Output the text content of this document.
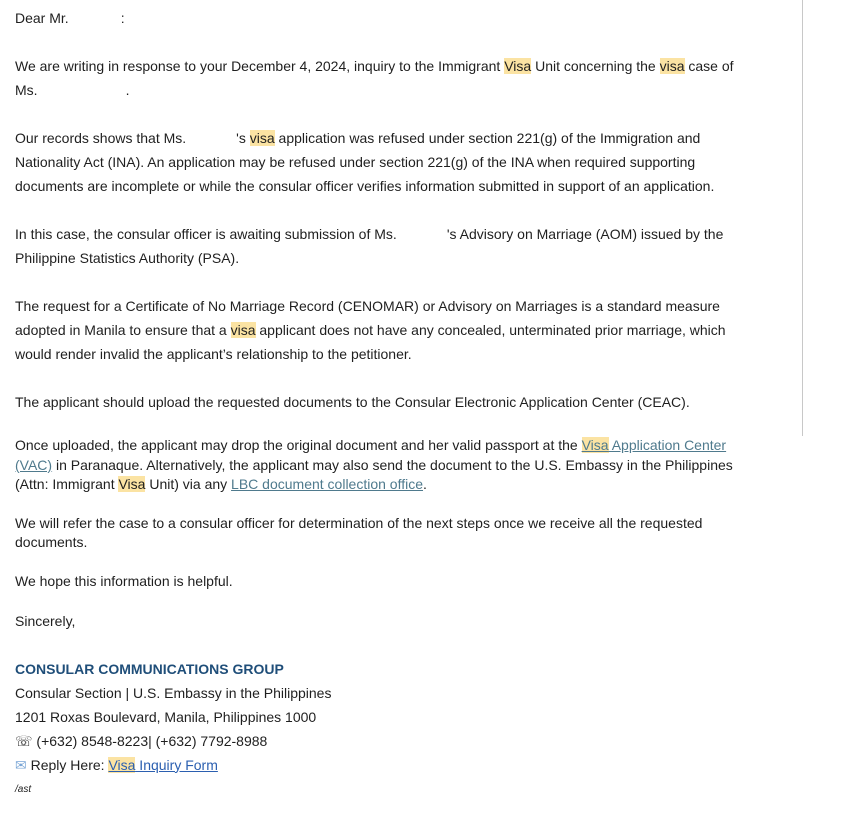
Dear Mr.	:

We are writing in response to your December 4, 2024, inquiry to the Immigrant Visa Unit concerning the visa case of
Ms.	.

Our records shows that Ms.	's visa application was refused under section 221(g) of the Immigration and
Nationality Act (INA). An application may be refused under section 221(g) of the INA when required supporting
documents are incomplete or while the consular officer verifies information submitted in support of an application.

In this case, the consular officer is awaiting submission of Ms.	's Advisory on Marriage (AOM) issued by the
Philippine Statistics Authority (PSA).

The request for a Certificate of No Marriage Record (CENOMAR) or Advisory on Marriages is a standard measure
adopted in Manila to ensure that a visa applicant does not have any concealed, unterminated prior marriage, which
would render invalid the applicant’s relationship to the petitioner.

The applicant should upload the requested documents to the Consular Electronic Application Center (CEAC).

Once uploaded, the applicant may drop the original document and her valid passport at the Visa Application Center
(VAC) in Paranaque. Alternatively, the applicant may also send the document to the U.S. Embassy in the Philippines
(Attn: Immigrant Visa Unit) via any LBC document collection office.

We will refer the case to a consular officer for determination of the next steps once we receive all the requested
documents.

We hope this information is helpful.

Sincerely,

CONSULAR COMMUNICATIONS GROUP

Consular Section | U.S. Embassy in the Philippines

1201 Roxas Boulevard, Manila, Philippines 1000

☏ (+632) 8548-8223| (+632) 7792-8988

✉ Reply Here: Visa Inquiry Form

/ast
